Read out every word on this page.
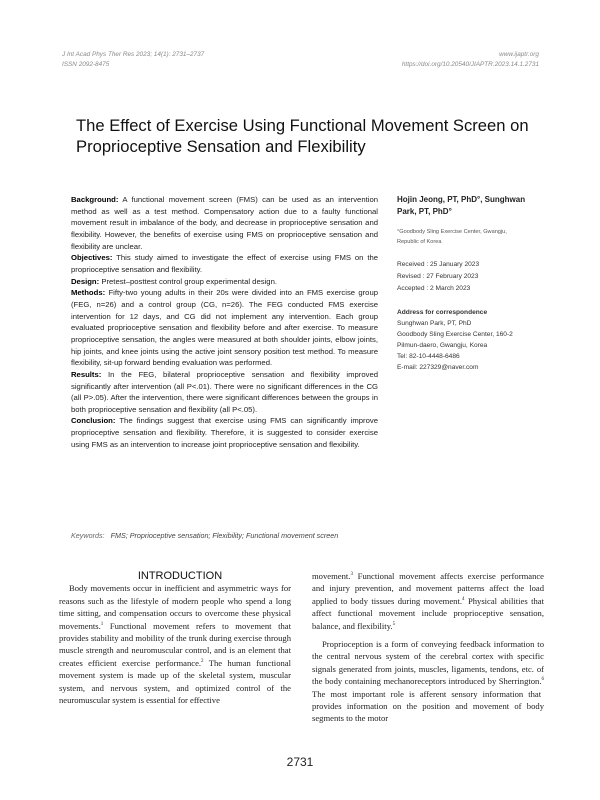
J Int Acad Phys Ther Res 2023; 14(1): 2731–2737
ISSN 2092-8475
www.ijaptr.org
https://doi.org/10.20540/JIAPTR.2023.14.1.2731
The Effect of Exercise Using Functional Movement Screen on
Proprioceptive Sensation and Flexibility

Background: A functional movement screen (FMS) can be used as an intervention method as well as a test method. Compensatory action due to a faulty functional movement result in imbalance of the body, and decrease in proprioceptive sensation and flexibility. However, the benefits of exercise using FMS on proprioceptive sensation and flexibility are unclear.

Objectives: This study aimed to investigate the effect of exercise using FMS on the proprioceptive sensation and flexibility.

Design: Pretest–posttest control group experimental design.

Methods: Fifty-two young adults in their 20s were divided into an FMS exercise group (FEG, n=26) and a control group (CG, n=26). The FEG conducted FMS exercise intervention for 12 days, and CG did not implement any intervention. Each group evaluated proprioceptive sensation and flexibility before and after exercise. To measure proprioceptive sensation, the angles were measured at both shoulder joints, elbow joints, hip joints, and knee joints using the active joint sensory position test method. To measure flexibility, sit-up forward bending evaluation was performed.

Results: In the FEG, bilateral proprioceptive sensation and flexibility improved significantly after intervention (all P<.01). There were no significant differences in the CG (all P>.05). After the intervention, there were significant differences between the groups in both proprioceptive sensation and flexibility (all P<.05).

Conclusion: The findings suggest that exercise using FMS can significantly improve proprioceptive sensation and flexibility. Therefore, it is suggested to consider exercise using FMS as an intervention to increase joint proprioceptive sensation and flexibility.

Hojin Jeong, PT, PhD°, Sunghwan
Park, PT, PhD°
°Goodbody Sling Exercise Center, Gwangju,
Republic of Korea
Received : 25 January 2023
Revised : 27 February 2023
Accepted : 2 March 2023
Address for correspondence
Sunghwan Park, PT, PhD
Goodbody Sling Exercise Center, 160-2
Pilmun-daero, Gwangju, Korea
Tel: 82-10-4448-6486
E-mail: 227329@naver.com
Keywords: FMS; Proprioceptive sensation; Flexibility; Functional movement screen

INTRODUCTION

Body movements occur in inefficient and asymmetric ways for reasons such as the lifestyle of modern people who spend a long time sitting, and compensation occurs to overcome these physical movements.$^1$ Functional movement refers to movement that provides stability and mobility of the trunk during exercise through muscle strength and neuromuscular control, and is an element that creates efficient exercise performance.$^2$ The human functional movement system is made up of the skeletal system, muscular system, and nervous system, and optimized control of the neuromuscular system is essential for effective

movement.$^3$ Functional movement affects exercise performance and injury prevention, and movement patterns affect the load applied to body tissues during movement.$^4$ Physical abilities that affect functional movement include proprioceptive sensation, balance, and flexibility.$^5$

Proprioception is a form of conveying feedback information to the central nervous system of the cerebral cortex with specific signals generated from joints, muscles, ligaments, tendons, etc. of the body containing mechanoreceptors introduced by Sherrington.$^6$ The most important role is afferent sensory information that provides information on the position and movement of body segments to the motor

2731
